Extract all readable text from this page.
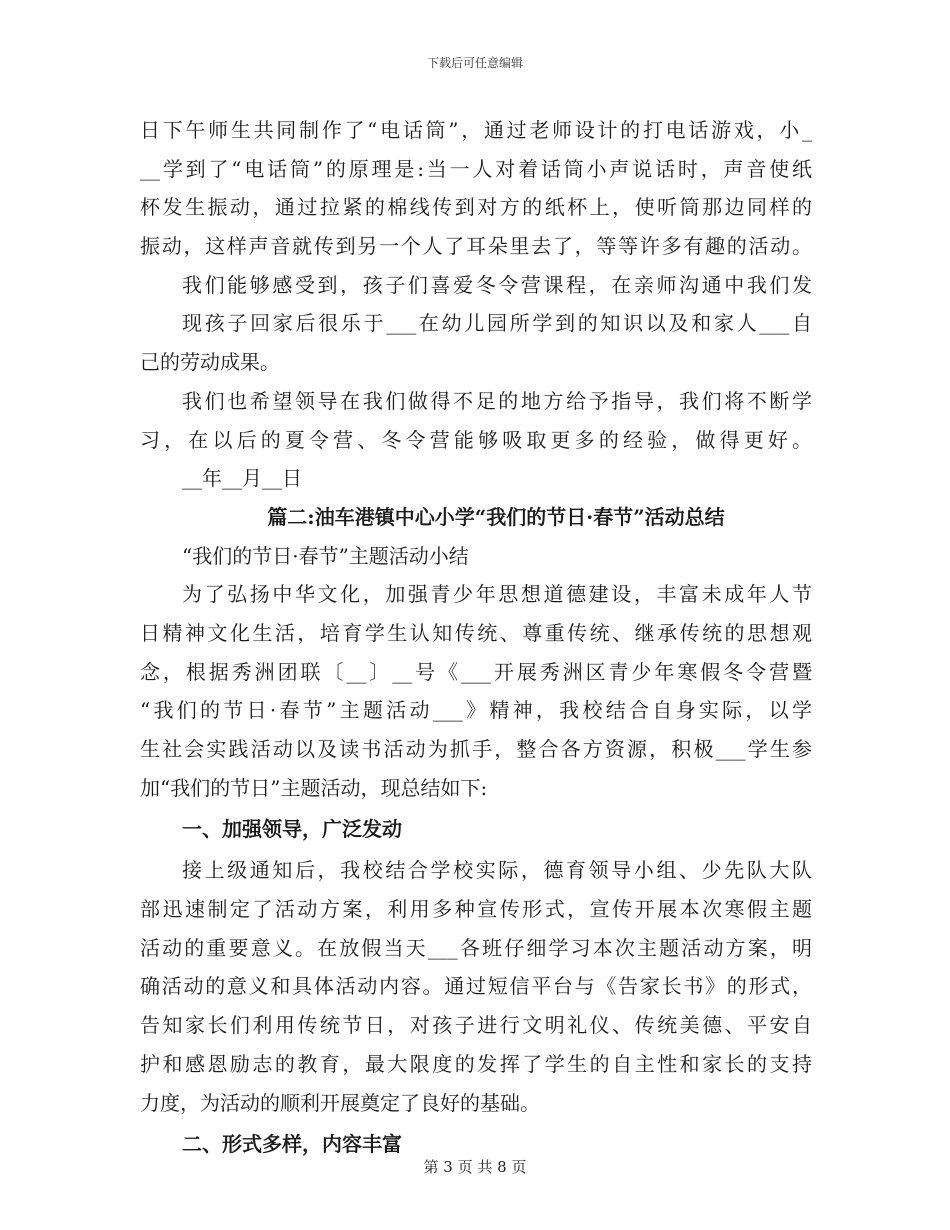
下载后可任意编辑
日下午师生共同制作了“电话筒”，通过老师设计的打电话游戏，小_
__学到了“电话筒”的原理是:当一人对着话筒小声说话时，声音使纸
杯发生振动，通过拉紧的棉线传到对方的纸杯上，使听筒那边同样的
振动，这样声音就传到另一个人了耳朵里去了，等等许多有趣的活动。
我们能够感受到，孩子们喜爱冬令营课程，在亲师沟通中我们发
现孩子回家后很乐于___在幼儿园所学到的知识以及和家人___自
己的劳动成果。
我们也希望领导在我们做得不足的地方给予指导，我们将不断学
习，在以后的夏令营、冬令营能够吸取更多的经验，做得更好。
__年__月__日
篇二:油车港镇中心小学“我们的节日·春节”活动总结
“我们的节日·春节”主题活动小结
为了弘扬中华文化，加强青少年思想道德建设，丰富未成年人节
日精神文化生活，培育学生认知传统、尊重传统、继承传统的思想观
念，根据秀洲团联〔__〕__号《___开展秀洲区青少年寒假冬令营暨
“我们的节日·春节”主题活动___》精神，我校结合自身实际，以学
生社会实践活动以及读书活动为抓手，整合各方资源，积极___学生参
加“我们的节日”主题活动，现总结如下:
一、加强领导，广泛发动
接上级通知后，我校结合学校实际，德育领导小组、少先队大队
部迅速制定了活动方案，利用多种宣传形式，宣传开展本次寒假主题
活动的重要意义。在放假当天___各班仔细学习本次主题活动方案，明
确活动的意义和具体活动内容。通过短信平台与《告家长书》的形式，
告知家长们利用传统节日，对孩子进行文明礼仪、传统美德、平安自
护和感恩励志的教育，最大限度的发挥了学生的自主性和家长的支持
力度，为活动的顺利开展奠定了良好的基础。
二、形式多样，内容丰富
第 3 页 共 8 页
